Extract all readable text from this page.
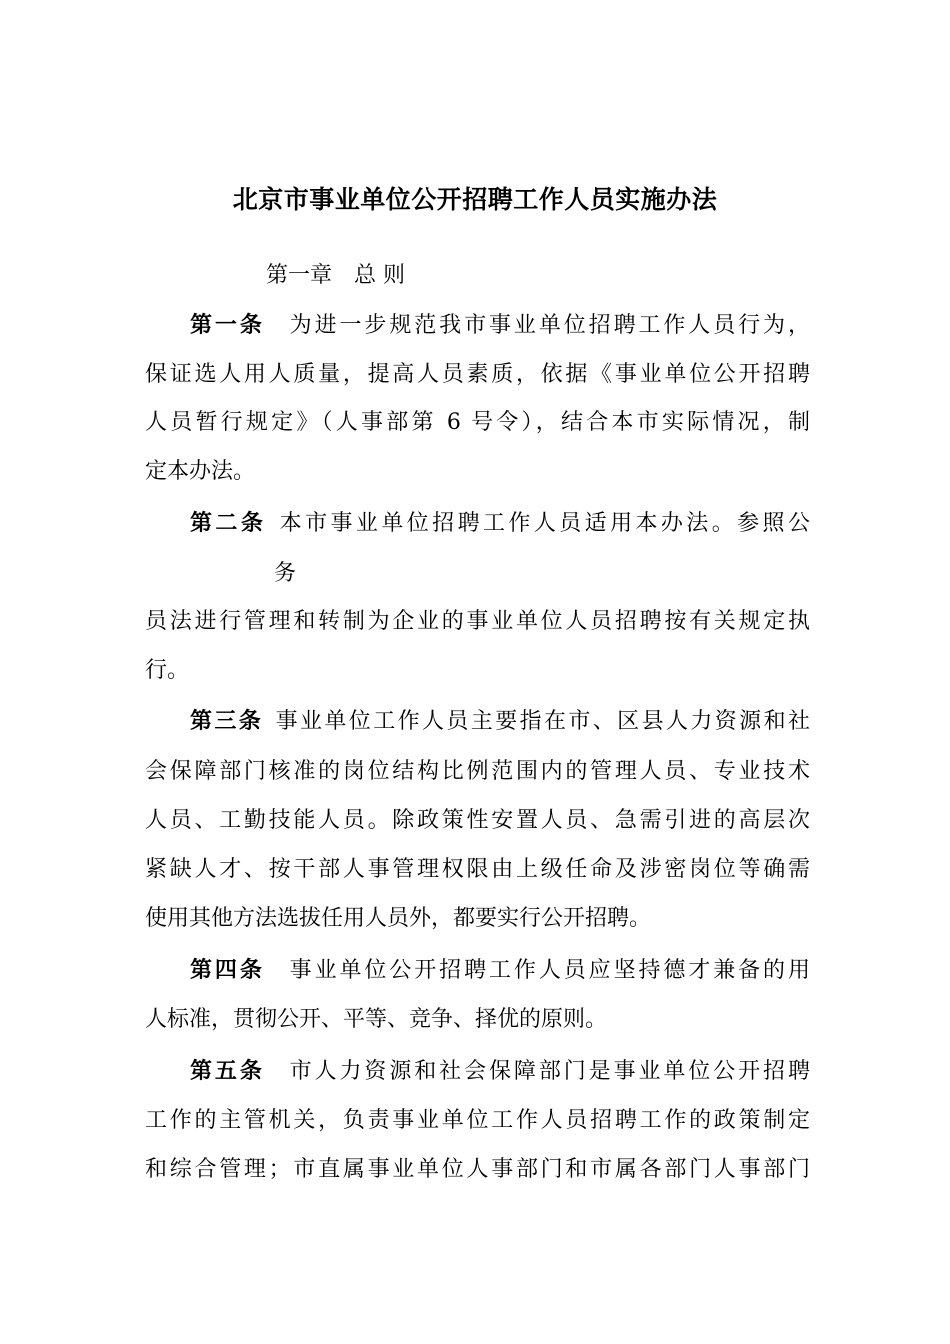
北京市事业单位公开招聘工作人员实施办法
第一章　总 则
第一条 为进一步规范我市事业单位招聘工作人员行为，
保证选人用人质量，提高人员素质，依据《事业单位公开招聘
人员暂行规定》（人事部第 6 号令），结合本市实际情况，制
定本办法。
第二条 本市事业单位招聘工作人员适用本办法。参照公
务
员法进行管理和转制为企业的事业单位人员招聘按有关规定执
行。
第三条 事业单位工作人员主要指在市、区县人力资源和社
会保障部门核准的岗位结构比例范围内的管理人员、专业技术
人员、工勤技能人员。除政策性安置人员、急需引进的高层次
紧缺人才、按干部人事管理权限由上级任命及涉密岗位等确需
使用其他方法选拔任用人员外，都要实行公开招聘。
第四条 事业单位公开招聘工作人员应坚持德才兼备的用
人标准，贯彻公开、平等、竞争、择优的原则。
第五条 市人力资源和社会保障部门是事业单位公开招聘
工作的主管机关，负责事业单位工作人员招聘工作的政策制定
和综合管理；市直属事业单位人事部门和市属各部门人事部门
